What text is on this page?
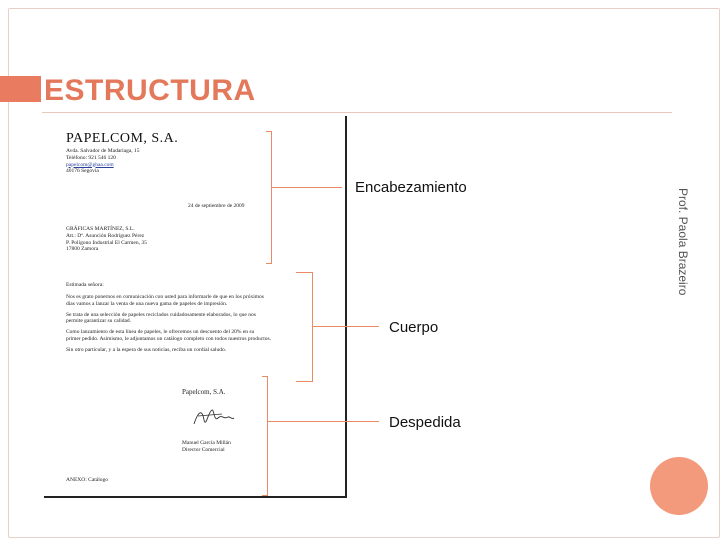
ESTRUCTURA
Prof. Paola Brazeiro
PAPELCOM, S.A.
Avda. Salvador de Madariaga, 15
Teléfono: 921 546 120
papelcom@ghaa.com
40176 Segovia
24 de septiembre de 2009
GRÁFICAS MARTÍNEZ, S.L.
Att.: Dª. Asunción Rodríguez Pérez
P. Polígono Industrial El Carmen, 35
17800 Zamora
Estimada señora:
Nos es grato ponernos en comunicación con usted para informarle de que en los próximos
días vamos a lanzar la venta de una nueva gama de papeles de impresión.
Se trata de una selección de papeles reciclados cuidadosamente elaborados, lo que nos
permite garantizar su calidad.
Como lanzamiento de esta línea de papeles, le ofrecemos un descuento del 20% en su
primer pedido. Asimismo, le adjuntamos un catálogo completo con todos nuestros productos.
Sin otro particular, y a la espera de sus noticias, reciba un cordial saludo.
Papelcom, S.A.
Manuel García Millán
Director Comercial
ANEXO: Catálogo
Encabezamiento
Cuerpo
Despedida
